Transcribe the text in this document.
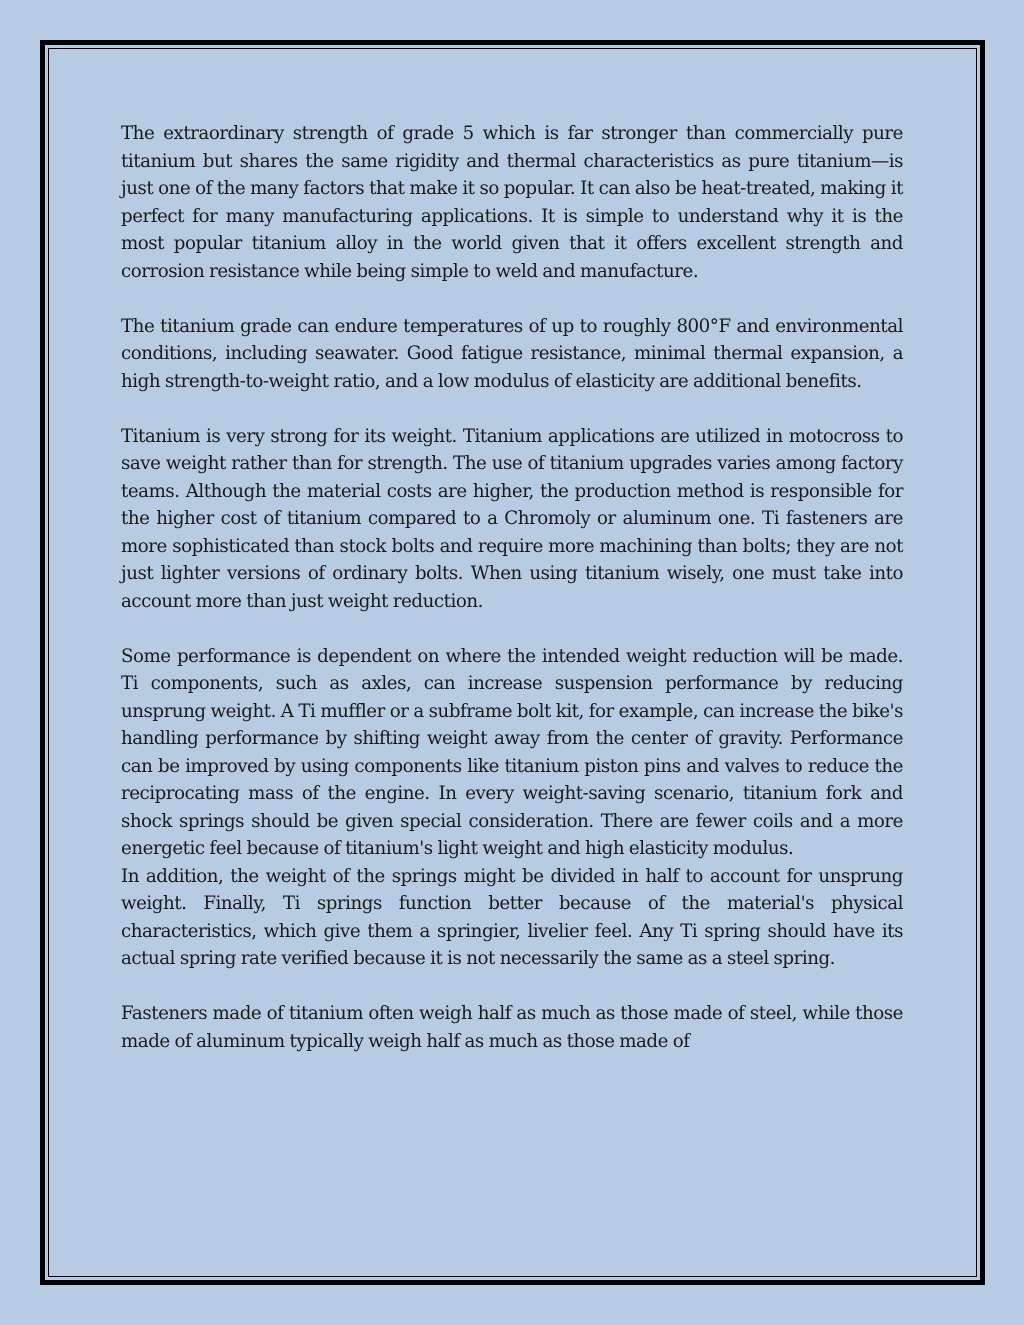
The extraordinary strength of grade 5 which is far stronger than commercially pure titanium but shares the same rigidity and thermal characteristics as pure titanium—is just one of the many factors that make it so popular. It can also be heat-treated, making it perfect for many manufacturing applications. It is simple to understand why it is the most popular titanium alloy in the world given that it offers excellent strength and corrosion resistance while being simple to weld and manufacture.

The titanium grade can endure temperatures of up to roughly 800°F and environmental conditions, including seawater. Good fatigue resistance, minimal thermal expansion, a high strength-to-weight ratio, and a low modulus of elasticity are additional benefits.

Titanium is very strong for its weight. Titanium applications are utilized in motocross to save weight rather than for strength. The use of titanium upgrades varies among factory teams. Although the material costs are higher, the production method is responsible for the higher cost of titanium compared to a Chromoly or aluminum one. Ti fasteners are more sophisticated than stock bolts and require more machining than bolts; they are not just lighter versions of ordinary bolts. When using titanium wisely, one must take into account more than just weight reduction.

Some performance is dependent on where the intended weight reduction will be made. Ti components, such as axles, can increase suspension performance by reducing unsprung weight. A Ti muffler or a subframe bolt kit, for example, can increase the bike's handling performance by shifting weight away from the center of gravity. Performance can be improved by using components like titanium piston pins and valves to reduce the reciprocating mass of the engine. In every weight-saving scenario, titanium fork and shock springs should be given special consideration. There are fewer coils and a more energetic feel because of titanium's light weight and high elasticity modulus.

In addition, the weight of the springs might be divided in half to account for unsprung weight. Finally, Ti springs function better because of the material's physical characteristics, which give them a springier, livelier feel. Any Ti spring should have its actual spring rate verified because it is not necessarily the same as a steel spring.

Fasteners made of titanium often weigh half as much as those made of steel, while those made of aluminum typically weigh half as much as those made of
